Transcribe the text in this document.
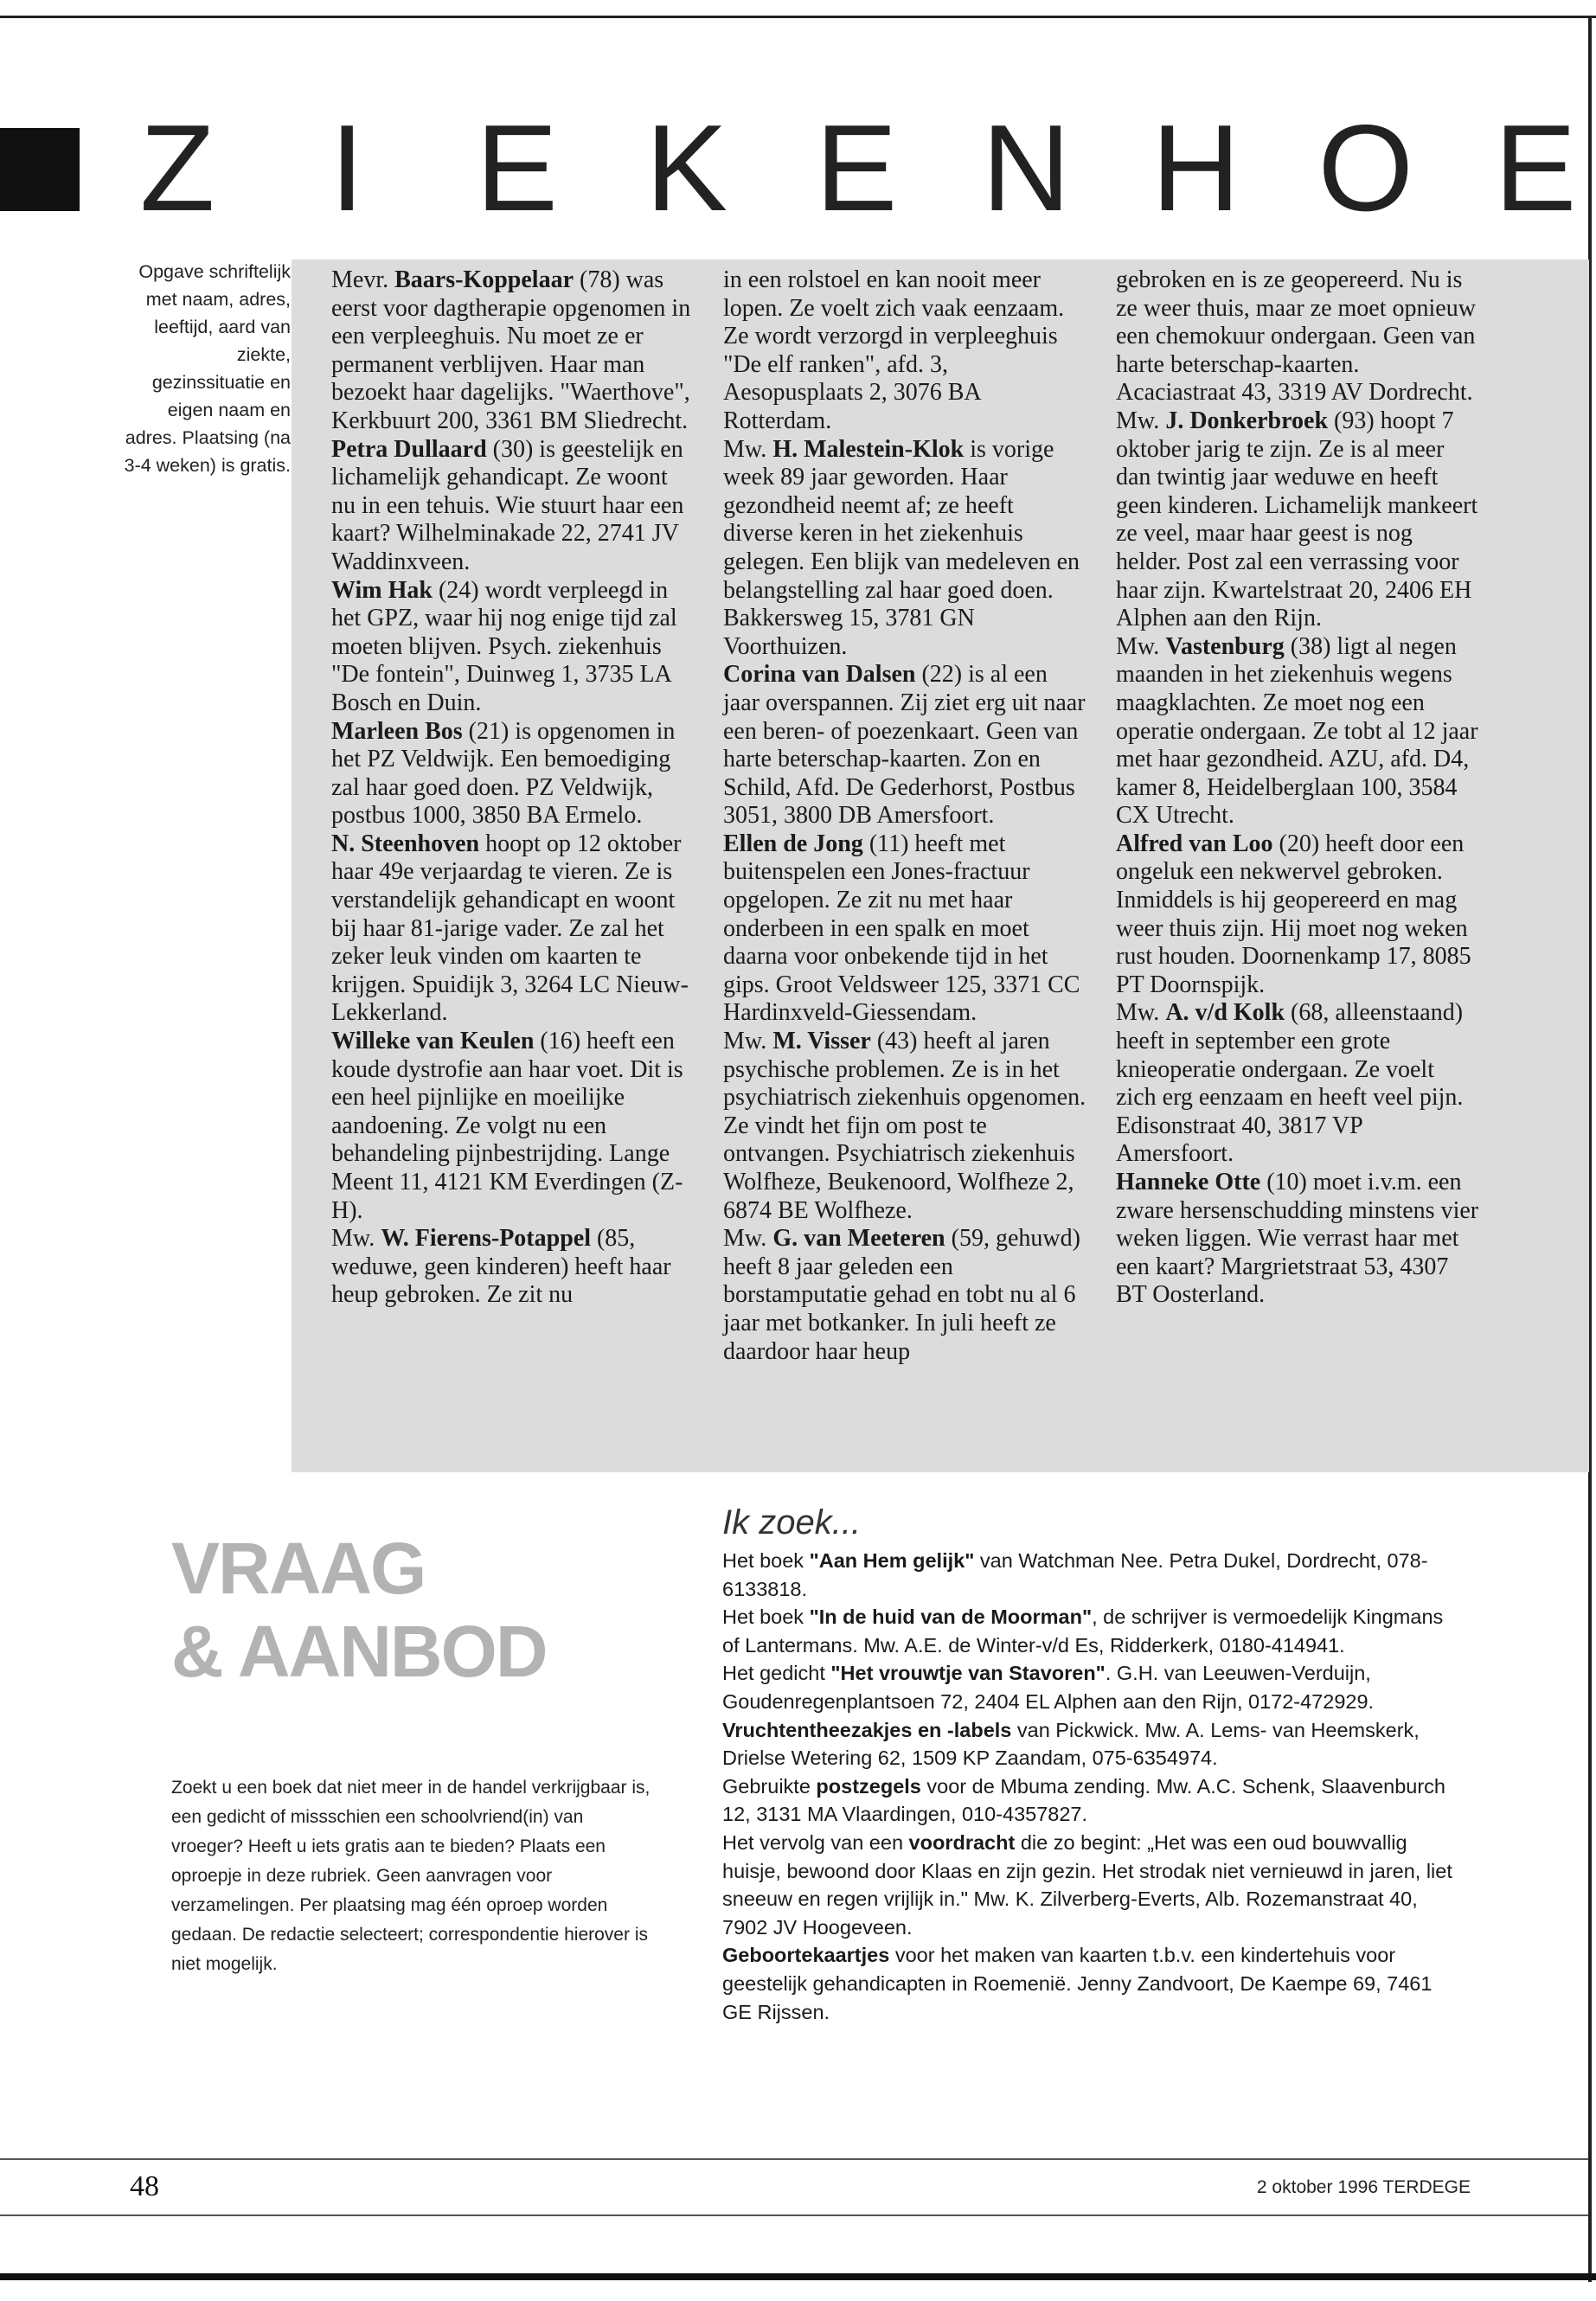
Z I E K E N H O E
Opgave schriftelijk met naam, adres, leeftijd, aard van ziekte, gezinssituatie en eigen naam en adres. Plaatsing (na 3-4 weken) is gratis.

Mevr. Baars-Koppelaar (78) was eerst voor dagtherapie opgenomen in een verpleeghuis. Nu moet ze er permanent verblijven. Haar man bezoekt haar dagelijks. "Waerthove", Kerkbuurt 200, 3361 BM Sliedrecht.

Petra Dullaard (30) is geestelijk en lichamelijk gehandicapt. Ze woont nu in een tehuis. Wie stuurt haar een kaart? Wilhelminakade 22, 2741 JV Waddinxveen.

Wim Hak (24) wordt verpleegd in het GPZ, waar hij nog enige tijd zal moeten blijven. Psych. ziekenhuis "De fontein", Duinweg 1, 3735 LA Bosch en Duin.

Marleen Bos (21) is opgenomen in het PZ Veldwijk. Een bemoediging zal haar goed doen. PZ Veldwijk, postbus 1000, 3850 BA Ermelo.

N. Steenhoven hoopt op 12 oktober haar 49e verjaardag te vieren. Ze is verstandelijk gehandicapt en woont bij haar 81-jarige vader. Ze zal het zeker leuk vinden om kaarten te krijgen. Spuidijk 3, 3264 LC Nieuw-Lekkerland.

Willeke van Keulen (16) heeft een koude dystrofie aan haar voet. Dit is een heel pijnlijke en moeilijke aandoening. Ze volgt nu een behandeling pijnbestrijding. Lange Meent 11, 4121 KM Everdingen (Z-H).

Mw. W. Fierens-Potappel (85, weduwe, geen kinderen) heeft haar heup gebroken. Ze zit nu

in een rolstoel en kan nooit meer lopen. Ze voelt zich vaak eenzaam. Ze wordt verzorgd in verpleeghuis "De elf ranken", afd. 3, Aesopusplaats 2, 3076 BA Rotterdam.

Mw. H. Malestein-Klok is vorige week 89 jaar geworden. Haar gezondheid neemt af; ze heeft diverse keren in het ziekenhuis gelegen. Een blijk van medeleven en belangstelling zal haar goed doen. Bakkersweg 15, 3781 GN Voorthuizen.

Corina van Dalsen (22) is al een jaar overspannen. Zij ziet erg uit naar een beren- of poezenkaart. Geen van harte beterschap-kaarten. Zon en Schild, Afd. De Gederhorst, Postbus 3051, 3800 DB Amersfoort.

Ellen de Jong (11) heeft met buitenspelen een Jones-fractuur opgelopen. Ze zit nu met haar onderbeen in een spalk en moet daarna voor onbekende tijd in het gips. Groot Veldsweer 125, 3371 CC Hardinxveld-Giessendam.

Mw. M. Visser (43) heeft al jaren psychische problemen. Ze is in het psychiatrisch ziekenhuis opgenomen. Ze vindt het fijn om post te ontvangen. Psychiatrisch ziekenhuis Wolfheze, Beukenoord, Wolfheze 2, 6874 BE Wolfheze.

Mw. G. van Meeteren (59, gehuwd) heeft 8 jaar geleden een borstamputatie gehad en tobt nu al 6 jaar met botkanker. In juli heeft ze daardoor haar heup

gebroken en is ze geopereerd. Nu is ze weer thuis, maar ze moet opnieuw een chemokuur ondergaan. Geen van harte beterschap-kaarten. Acaciastraat 43, 3319 AV Dordrecht.

Mw. J. Donkerbroek (93) hoopt 7 oktober jarig te zijn. Ze is al meer dan twintig jaar weduwe en heeft geen kinderen. Lichamelijk mankeert ze veel, maar haar geest is nog helder. Post zal een verrassing voor haar zijn. Kwartelstraat 20, 2406 EH Alphen aan den Rijn.

Mw. Vastenburg (38) ligt al negen maanden in het ziekenhuis wegens maagklachten. Ze moet nog een operatie ondergaan. Ze tobt al 12 jaar met haar gezondheid. AZU, afd. D4, kamer 8, Heidelberglaan 100, 3584 CX Utrecht.

Alfred van Loo (20) heeft door een ongeluk een nekwervel gebroken. Inmiddels is hij geopereerd en mag weer thuis zijn. Hij moet nog weken rust houden. Doornenkamp 17, 8085 PT Doornspijk.

Mw. A. v/d Kolk (68, alleenstaand) heeft in september een grote knieoperatie ondergaan. Ze voelt zich erg eenzaam en heeft veel pijn. Edisonstraat 40, 3817 VP Amersfoort.

Hanneke Otte (10) moet i.v.m. een zware hersenschudding minstens vier weken liggen. Wie verrast haar met een kaart? Margrietstraat 53, 4307 BT Oosterland.

VRAAG
& AANBOD
Zoekt u een boek dat niet meer in de handel verkrijgbaar is, een gedicht of missschien een schoolvriend(in) van vroeger? Heeft u iets gratis aan te bieden? Plaats een oproepje in deze rubriek. Geen aanvragen voor verzamelingen. Per plaatsing mag één oproep worden gedaan. De redactie selecteert; correspondentie hierover is niet mogelijk.
Ik zoek...

Het boek "Aan Hem gelijk" van Watchman Nee. Petra Dukel, Dordrecht, 078-6133818.

Het boek "In de huid van de Moorman", de schrijver is vermoedelijk Kingmans of Lantermans. Mw. A.E. de Winter-v/d Es, Ridderkerk, 0180-414941.

Het gedicht "Het vrouwtje van Stavoren". G.H. van Leeuwen-Verduijn, Goudenregenplantsoen 72, 2404 EL Alphen aan den Rijn, 0172-472929.

Vruchtentheezakjes en -labels van Pickwick. Mw. A. Lems- van Heemskerk, Drielse Wetering 62, 1509 KP Zaandam, 075-6354974.

Gebruikte postzegels voor de Mbuma zending. Mw. A.C. Schenk, Slaavenburch 12, 3131 MA Vlaardingen, 010-4357827.

Het vervolg van een voordracht die zo begint: „Het was een oud bouwvallig huisje, bewoond door Klaas en zijn gezin. Het strodak niet vernieuwd in jaren, liet sneeuw en regen vrijlijk in." Mw. K. Zilverberg-Everts, Alb. Rozemanstraat 40, 7902 JV Hoogeveen.

Geboortekaartjes voor het maken van kaarten t.b.v. een kindertehuis voor geestelijk gehandicapten in Roemenië. Jenny Zandvoort, De Kaempe 69, 7461 GE Rijssen.

48	2 oktober 1996 TERDEGE
